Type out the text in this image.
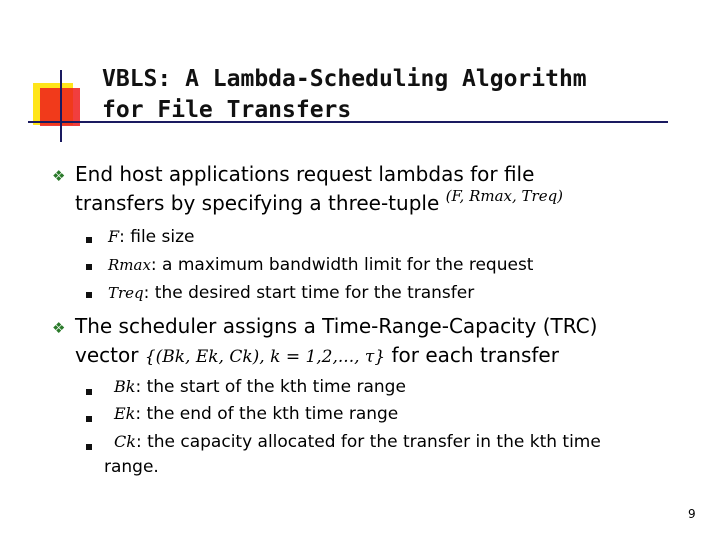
VBLS: A Lambda-Scheduling Algorithm
for File Transfers
❖ End host applications request lambdas for file
transfers by specifying a three-tuple $^{(F, Rmax, Treq)}$
F: file size
Rmax: a maximum bandwidth limit for the request
Treq: the desired start time for the transfer
❖ The scheduler assigns a Time-Range-Capacity (TRC)
vector {(Bk, Ek, Ck), k = 1,2,..., τ} for each transfer
Bk: the start of the kth time range
Ek: the end of the kth time range
Ck: the capacity allocated for the transfer in the kth time
range.
9
